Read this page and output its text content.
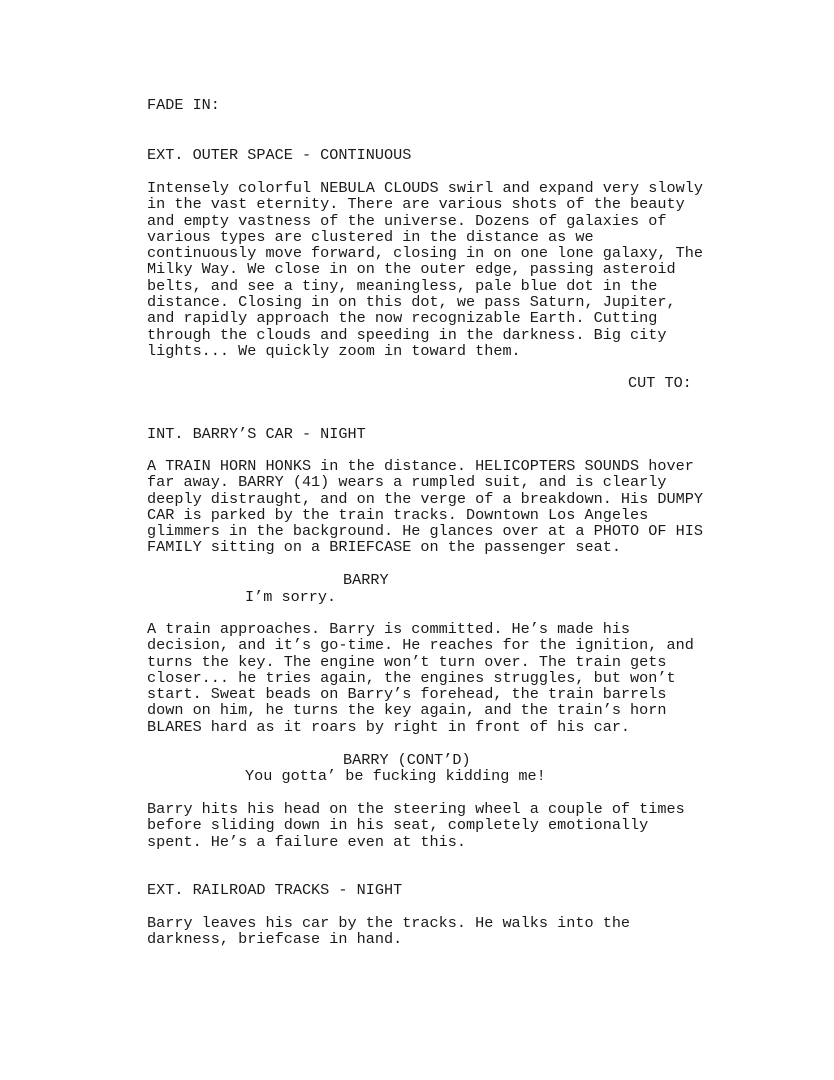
FADE IN:

EXT. OUTER SPACE - CONTINUOUS

Intensely colorful NEBULA CLOUDS swirl and expand very slowly
in the vast eternity. There are various shots of the beauty
and empty vastness of the universe. Dozens of galaxies of
various types are clustered in the distance as we
continuously move forward, closing in on one lone galaxy, The
Milky Way. We close in on the outer edge, passing asteroid
belts, and see a tiny, meaningless, pale blue dot in the
distance. Closing in on this dot, we pass Saturn, Jupiter,
and rapidly approach the now recognizable Earth. Cutting
through the clouds and speeding in the darkness. Big city
lights... We quickly zoom in toward them.

CUT TO:

INT. BARRY’S CAR - NIGHT

A TRAIN HORN HONKS in the distance. HELICOPTERS SOUNDS hover
far away. BARRY (41) wears a rumpled suit, and is clearly
deeply distraught, and on the verge of a breakdown. His DUMPY
CAR is parked by the train tracks. Downtown Los Angeles
glimmers in the background. He glances over at a PHOTO OF HIS
FAMILY sitting on a BRIEFCASE on the passenger seat.

BARRY

I’m sorry.

A train approaches. Barry is committed. He’s made his
decision, and it’s go-time. He reaches for the ignition, and
turns the key. The engine won’t turn over. The train gets
closer... he tries again, the engines struggles, but won’t
start. Sweat beads on Barry’s forehead, the train barrels
down on him, he turns the key again, and the train’s horn
BLARES hard as it roars by right in front of his car.

BARRY (CONT’D)

You gotta’ be fucking kidding me!

Barry hits his head on the steering wheel a couple of times
before sliding down in his seat, completely emotionally
spent. He’s a failure even at this.

EXT. RAILROAD TRACKS - NIGHT

Barry leaves his car by the tracks. He walks into the
darkness, briefcase in hand.
